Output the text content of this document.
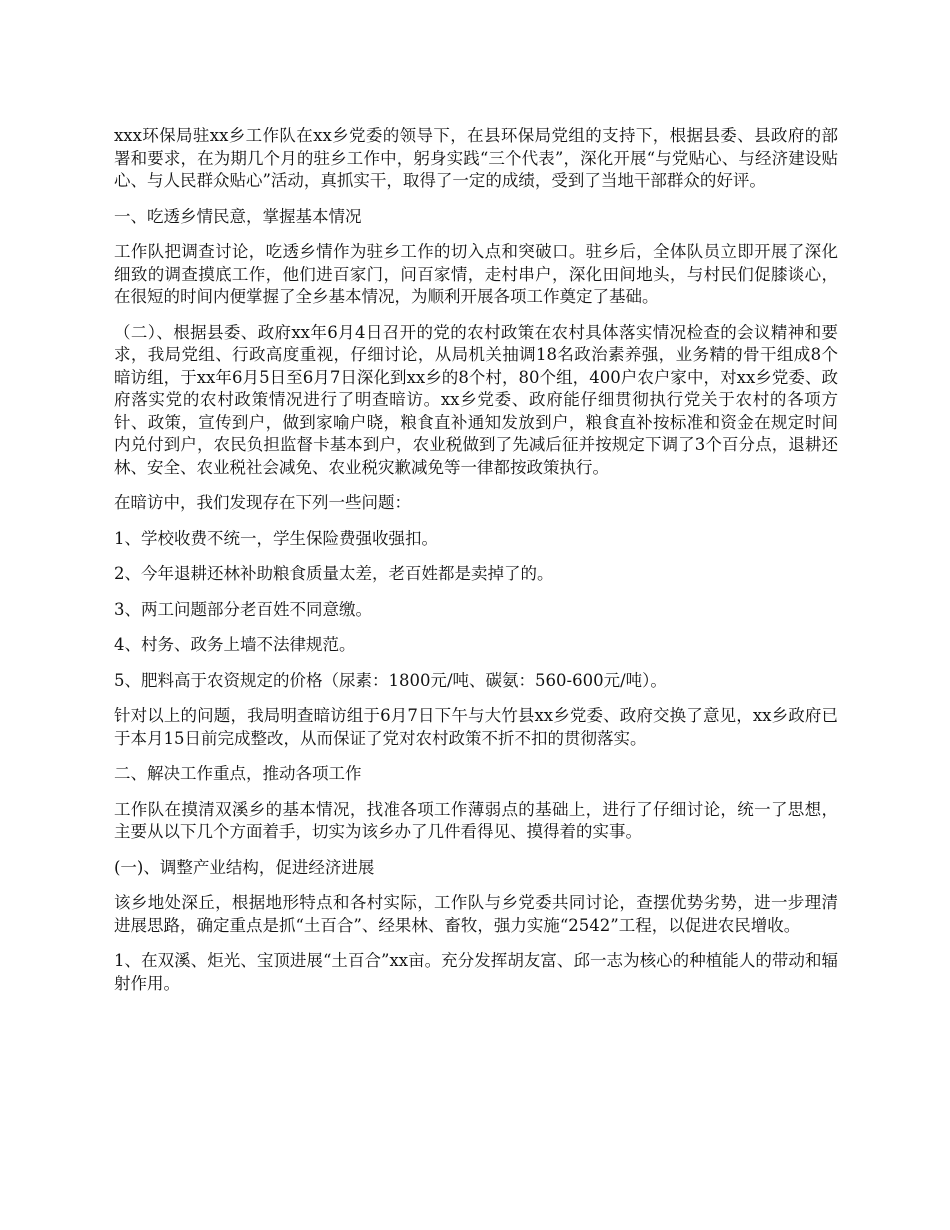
xxx环保局驻xx乡工作队在xx乡党委的领导下，在县环保局党组的支持下，根据县委、县政府的部署和要求，在为期几个月的驻乡工作中，躬身实践“三个代表”，深化开展“与党贴心、与经济建设贴心、与人民群众贴心”活动，真抓实干，取得了一定的成绩，受到了当地干部群众的好评。

一、吃透乡情民意，掌握基本情况

工作队把调查讨论，吃透乡情作为驻乡工作的切入点和突破口。驻乡后，全体队员立即开展了深化细致的调查摸底工作，他们进百家门，问百家情，走村串户，深化田间地头，与村民们促膝谈心，在很短的时间内便掌握了全乡基本情况，为顺利开展各项工作奠定了基础。

（二）、根据县委、政府xx年6月4日召开的党的农村政策在农村具体落实情况检查的会议精神和要求，我局党组、行政高度重视，仔细讨论，从局机关抽调18名政治素养强，业务精的骨干组成8个暗访组，于xx年6月5日至6月7日深化到xx乡的8个村，80个组，400户农户家中，对xx乡党委、政府落实党的农村政策情况进行了明查暗访。xx乡党委、政府能仔细贯彻执行党关于农村的各项方针、政策，宣传到户，做到家喻户晓，粮食直补通知发放到户，粮食直补按标准和资金在规定时间内兑付到户，农民负担监督卡基本到户，农业税做到了先减后征并按规定下调了3个百分点，退耕还林、安全、农业税社会减免、农业税灾歉减免等一律都按政策执行。

在暗访中，我们发现存在下列一些问题：

1、学校收费不统一，学生保险费强收强扣。

2、今年退耕还林补助粮食质量太差，老百姓都是卖掉了的。

3、两工问题部分老百姓不同意缴。

4、村务、政务上墙不法律规范。

5、肥料高于农资规定的价格（尿素：1800元/吨、碳氨：560-600元/吨）。

针对以上的问题，我局明查暗访组于6月7日下午与大竹县xx乡党委、政府交换了意见，xx乡政府已于本月15日前完成整改，从而保证了党对农村政策不折不扣的贯彻落实。

二、解决工作重点，推动各项工作

工作队在摸清双溪乡的基本情况，找准各项工作薄弱点的基础上，进行了仔细讨论，统一了思想，主要从以下几个方面着手，切实为该乡办了几件看得见、摸得着的实事。

(一)、调整产业结构，促进经济进展

该乡地处深丘，根据地形特点和各村实际，工作队与乡党委共同讨论，查摆优势劣势，进一步理清进展思路，确定重点是抓“土百合”、经果林、畜牧，强力实施“2542”工程，以促进农民增收。

1、在双溪、炬光、宝顶进展“土百合”xx亩。充分发挥胡友富、邱一志为核心的种植能人的带动和辐射作用。
